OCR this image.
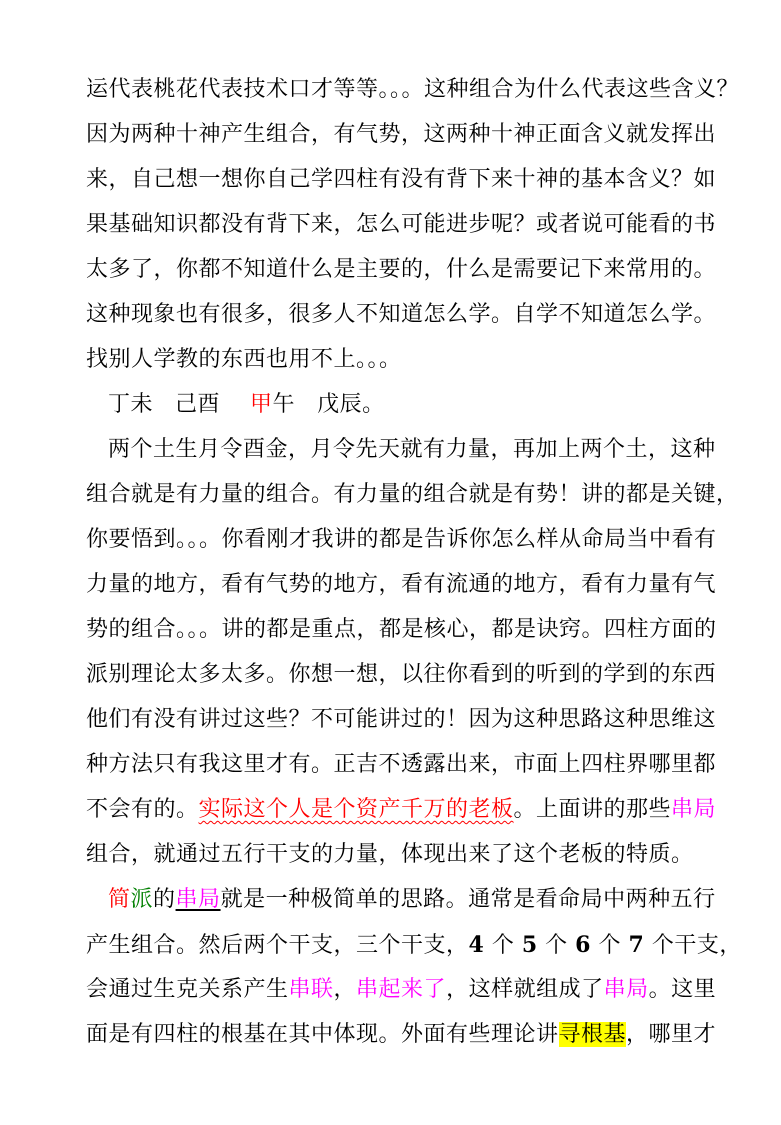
运代表桃花代表技术口才等等。。。这种组合为什么代表这些含义？
因为两种十神产生组合，有气势，这两种十神正面含义就发挥出
来，自己想一想你自己学四柱有没有背下来十神的基本含义？如
果基础知识都没有背下来，怎么可能进步呢？或者说可能看的书
太多了，你都不知道什么是主要的，什么是需要记下来常用的。
这种现象也有很多，很多人不知道怎么学。自学不知道怎么学。
找别人学教的东西也用不上。。。
丁未 己酉 甲午 戊辰。
两个土生月令酉金，月令先天就有力量，再加上两个土，这种
组合就是有力量的组合。有力量的组合就是有势！讲的都是关键，
你要悟到。。。你看刚才我讲的都是告诉你怎么样从命局当中看有
力量的地方，看有气势的地方，看有流通的地方，看有力量有气
势的组合。。。讲的都是重点，都是核心，都是诀窍。四柱方面的
派别理论太多太多。你想一想，以往你看到的听到的学到的东西
他们有没有讲过这些？不可能讲过的！因为这种思路这种思维这
种方法只有我这里才有。正吉不透露出来，市面上四柱界哪里都
不会有的。实际这个人是个资产千万的老板。上面讲的那些串局
组合，就通过五行干支的力量，体现出来了这个老板的特质。
简派的串局就是一种极简单的思路。通常是看命局中两种五行
产生组合。然后两个干支，三个干支，4 个 5 个 6 个 7 个干支，
会通过生克关系产生串联，串起来了，这样就组成了串局。这里
面是有四柱的根基在其中体现。外面有些理论讲寻根基，哪里才
